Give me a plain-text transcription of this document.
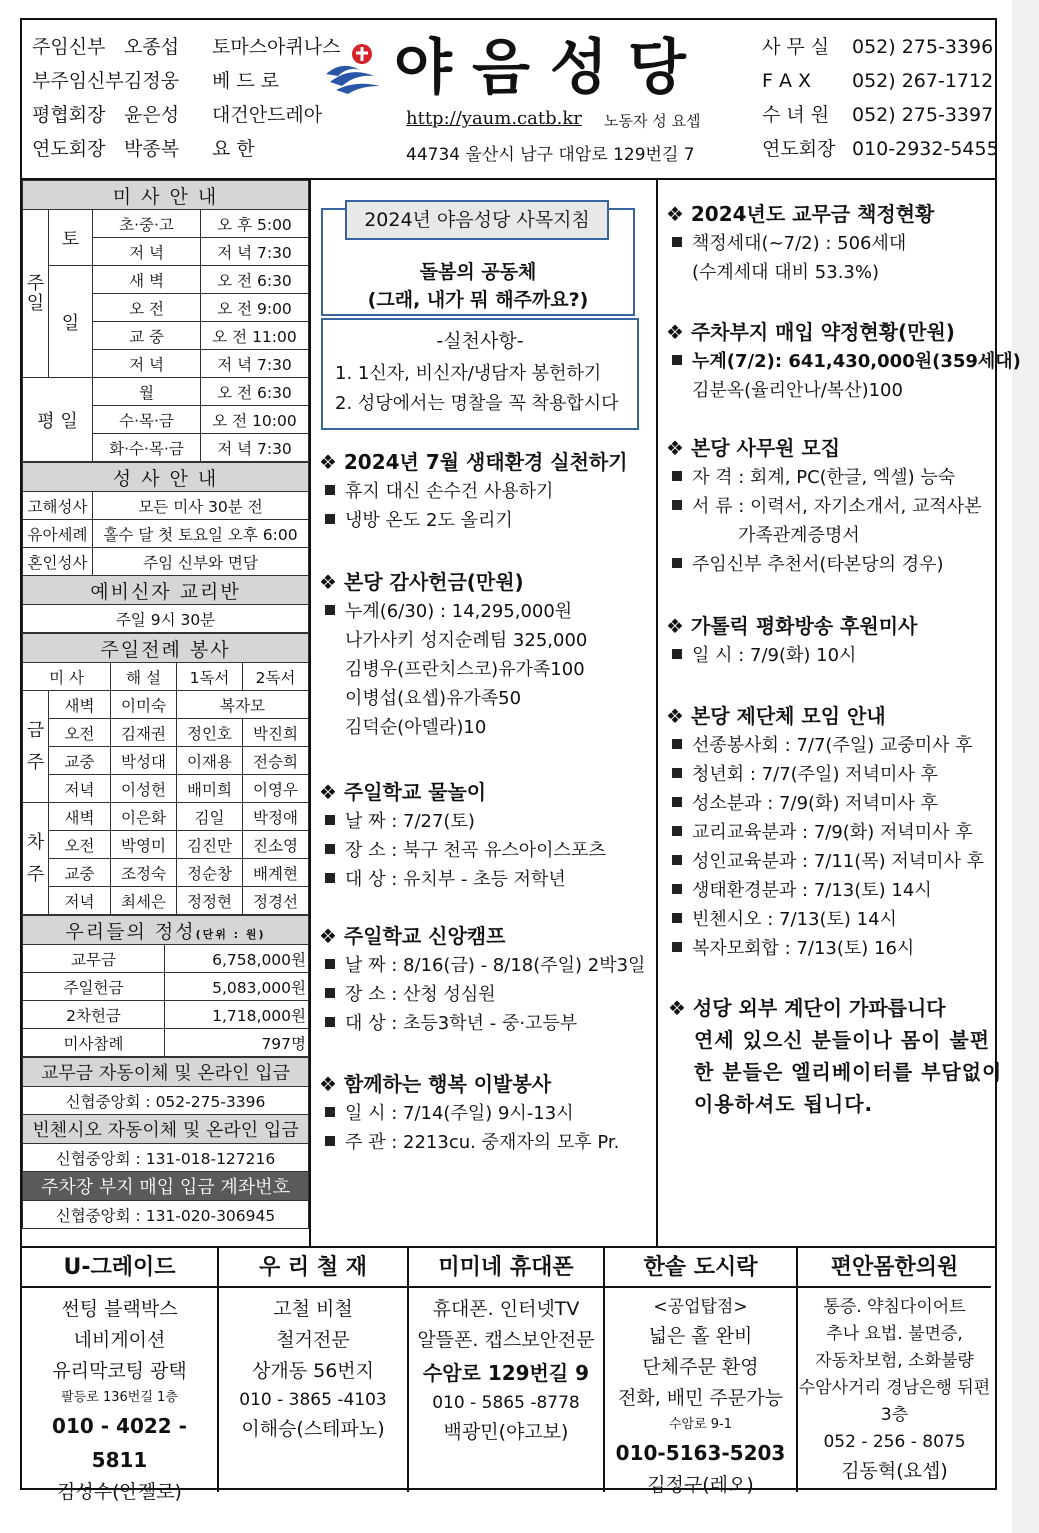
주임신부 오종섭 토마스아퀴나스
부주임신부김정웅 베 드 로
평협회장 윤은성 대건안드레아
연도회장 박종복 요 한
야음성당
http://yaum.catb.kr 노동자 성 요셉
44734 울산시 남구 대암로 129번길 7
사 무 실 052) 275-3396
F A X 052) 267-1712
수 녀 원 052) 275-3397
연도회장 010-2932-5455
미 사 안 내			

주
일	토	초·중·고	오 후 5:00
		저 녁	저 녁 7:30
	일	새 벽	오 전 6:30
		오 전	오 전 9:00
		교 중	오 전 11:00
		저 녁	저 녁 7:30
평 일		월	오 전 6:30
		수·목·금	오 전 10:00
		화·수·목·금	저 녁 7:30
성 사 안 내	
고해성사	모든 미사 30분 전
유아세례	홀수 달 첫 토요일 오후 6:00
혼인성사	주임 신부와 면담
예비신자 교리반	
주일 9시 30분	
주일전례 봉사				
미 사		해 설	1독서	2독서

금
주	새벽	이미숙	복자모	
	오전	김재권	정인호	박진희
	교중	박성대	이재용	전승희
	저녁	이성헌	배미희	이영우

차
주	새벽	이은화	김일	박정애
	오전	박영미	김진만	진소영
	교중	조정숙	정순창	배계현
	저녁	최세은	정정현	정경선
우리들의 정성(단위 : 원)	
교무금	6,758,000원
주일헌금	5,083,000원
2차헌금	1,718,000원
미사참례	797명
교무금 자동이체 및 온라인 입금
신협중앙회 : 052-275-3396
빈첸시오 자동이체 및 온라인 입금
신협중앙회 : 131-018-127216
주차장 부지 매입 입금 계좌번호
신협중앙회 : 131-020-306945
2024년 야음성당 사목지침
돌봄의 공동체
(그래, 내가 뭐 해주까요?)
-실천사항-
1. 1신자, 비신자/냉담자 봉헌하기
2. 성당에서는 명찰을 꼭 착용합시다
❖ 2024년 7월 생태환경 실천하기
휴지 대신 손수건 사용하기
냉방 온도 2도 올리기
❖ 본당 감사헌금(만원)
누계(6/30) : 14,295,000원
나가사키 성지순례팀 325,000
김병우(프란치스코)유가족100
이병섭(요셉)유가족50
김덕순(아델라)10
❖ 주일학교 물놀이
날 짜 : 7/27(토)
장 소 : 북구 천곡 유스아이스포츠
대 상 : 유치부 - 초등 저학년
❖ 주일학교 신앙캠프
날 짜 : 8/16(금) - 8/18(주일) 2박3일
장 소 : 산청 성심원
대 상 : 초등3학년 - 중·고등부
❖ 함께하는 행복 이발봉사
일 시 : 7/14(주일) 9시-13시
주 관 : 2213cu. 중재자의 모후 Pr.
❖ 2024년도 교무금 책정현황
책정세대(~7/2) : 506세대
(수계세대 대비 53.3%)
❖ 주차부지 매입 약정현황(만원)
누계(7/2): 641,430,000원(359세대)
김분옥(율리안나/복산)100
❖ 본당 사무원 모집
자 격 : 회계, PC(한글, 엑셀) 능숙
서 류 : 이력서, 자기소개서, 교적사본
가족관계증명서
주임신부 추천서(타본당의 경우)
❖ 가톨릭 평화방송 후원미사
일 시 : 7/9(화) 10시
❖ 본당 제단체 모임 안내
선종봉사회 : 7/7(주일) 교중미사 후
청년회 : 7/7(주일) 저녁미사 후
성소분과 : 7/9(화) 저녁미사 후
교리교육분과 : 7/9(화) 저녁미사 후
성인교육분과 : 7/11(목) 저녁미사 후
생태환경분과 : 7/13(토) 14시
빈첸시오 : 7/13(토) 14시
복자모회합 : 7/13(토) 16시
❖ 성당 외부 계단이 가파릅니다
연세 있으신 분들이나 몸이 불편
한 분들은 엘리베이터를 부담없이
이용하셔도 됩니다.
U-그레이드
썬팅 블랙박스
네비게이션
유리막코팅 광택
팔등로 136번길 1층
010 - 4022 - 5811
김성수(안젤로)
우 리 철 재
고철 비철
철거전문
상개동 56번지
010 - 3865 -4103
이해승(스테파노)
미미네 휴대폰
휴대폰. 인터넷TV
알뜰폰. 캡스보안전문
수암로 129번길 9
010 - 5865 -8778
백광민(야고보)
한솥 도시락
<공업탑점>
넓은 홀 완비
단체주문 환영
전화, 배민 주문가능
수암로 9-1
010-5163-5203
김정구(레오)
편안몸한의원
통증. 약침다이어트
추나 요법. 불면증,
자동차보험, 소화불량
수암사거리 경남은행 뒤편
3층
052 - 256 - 8075
김동혁(요셉)
